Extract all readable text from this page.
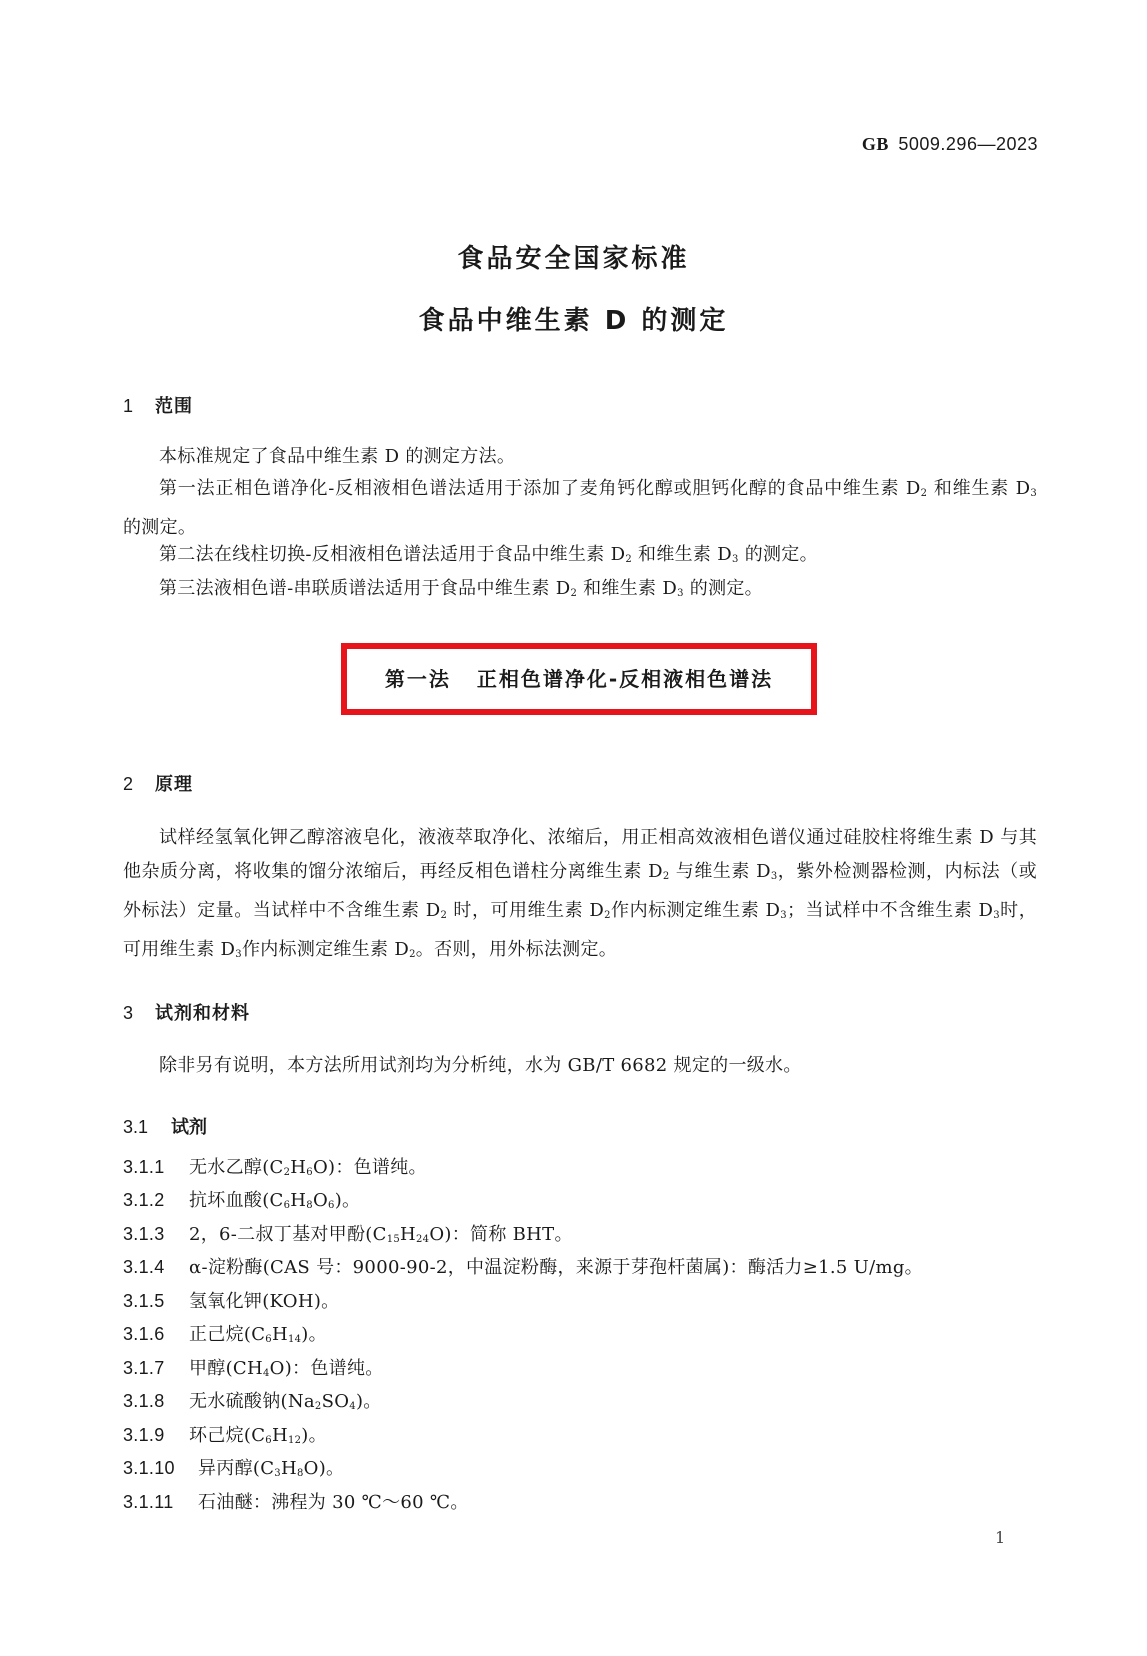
GB 5009.296—2023
食品安全国家标准
食品中维生素 D 的测定
1 范围
本标准规定了食品中维生素 D 的测定方法。
第一法正相色谱净化-反相液相色谱法适用于添加了麦角钙化醇或胆钙化醇的食品中维生素 $D_2$ 和维生素 $D_3$ 的测定。
第二法在线柱切换-反相液相色谱法适用于食品中维生素 $D_2$ 和维生素 $D_3$ 的测定。
第三法液相色谱-串联质谱法适用于食品中维生素 $D_2$ 和维生素 $D_3$ 的测定。
第一法 正相色谱净化-反相液相色谱法
2 原理
试样经氢氧化钾乙醇溶液皂化，液液萃取净化、浓缩后，用正相高效液相色谱仪通过硅胶柱将维生素 D 与其他杂质分离，将收集的馏分浓缩后，再经反相色谱柱分离维生素 $D_2$ 与维生素 $D_3$，紫外检测器检测，内标法（或外标法）定量。当试样中不含维生素 $D_2$ 时，可用维生素 $D_2$作内标测定维生素 $D_3$；当试样中不含维生素 $D_3$时，可用维生素 $D_3$作内标测定维生素 $D_2$。否则，用外标法测定。
3 试剂和材料
除非另有说明，本方法所用试剂均为分析纯，水为 GB/T 6682 规定的一级水。
3.1 试剂
3.1.1 无水乙醇$(C_2H_6O)$：色谱纯。
3.1.2 抗坏血酸$(C_6H_8O_6)$。
3.1.3 2，6-二叔丁基对甲酚$(C_{15}H_{24}O)$：简称 BHT。
3.1.4 α-淀粉酶(CAS 号：9000-90-2，中温淀粉酶，来源于芽孢杆菌属)：酶活力≥1.5 U/mg。
3.1.5 氢氧化钾(KOH)。
3.1.6 正己烷$(C_6H_{14})$。
3.1.7 甲醇$(CH_4O)$：色谱纯。
3.1.8 无水硫酸钠$(Na_2SO_4)$。
3.1.9 环己烷$(C_6H_{12})$。
3.1.10 异丙醇$(C_3H_8O)$。
3.1.11 石油醚：沸程为 30 ℃～60 ℃。
1
